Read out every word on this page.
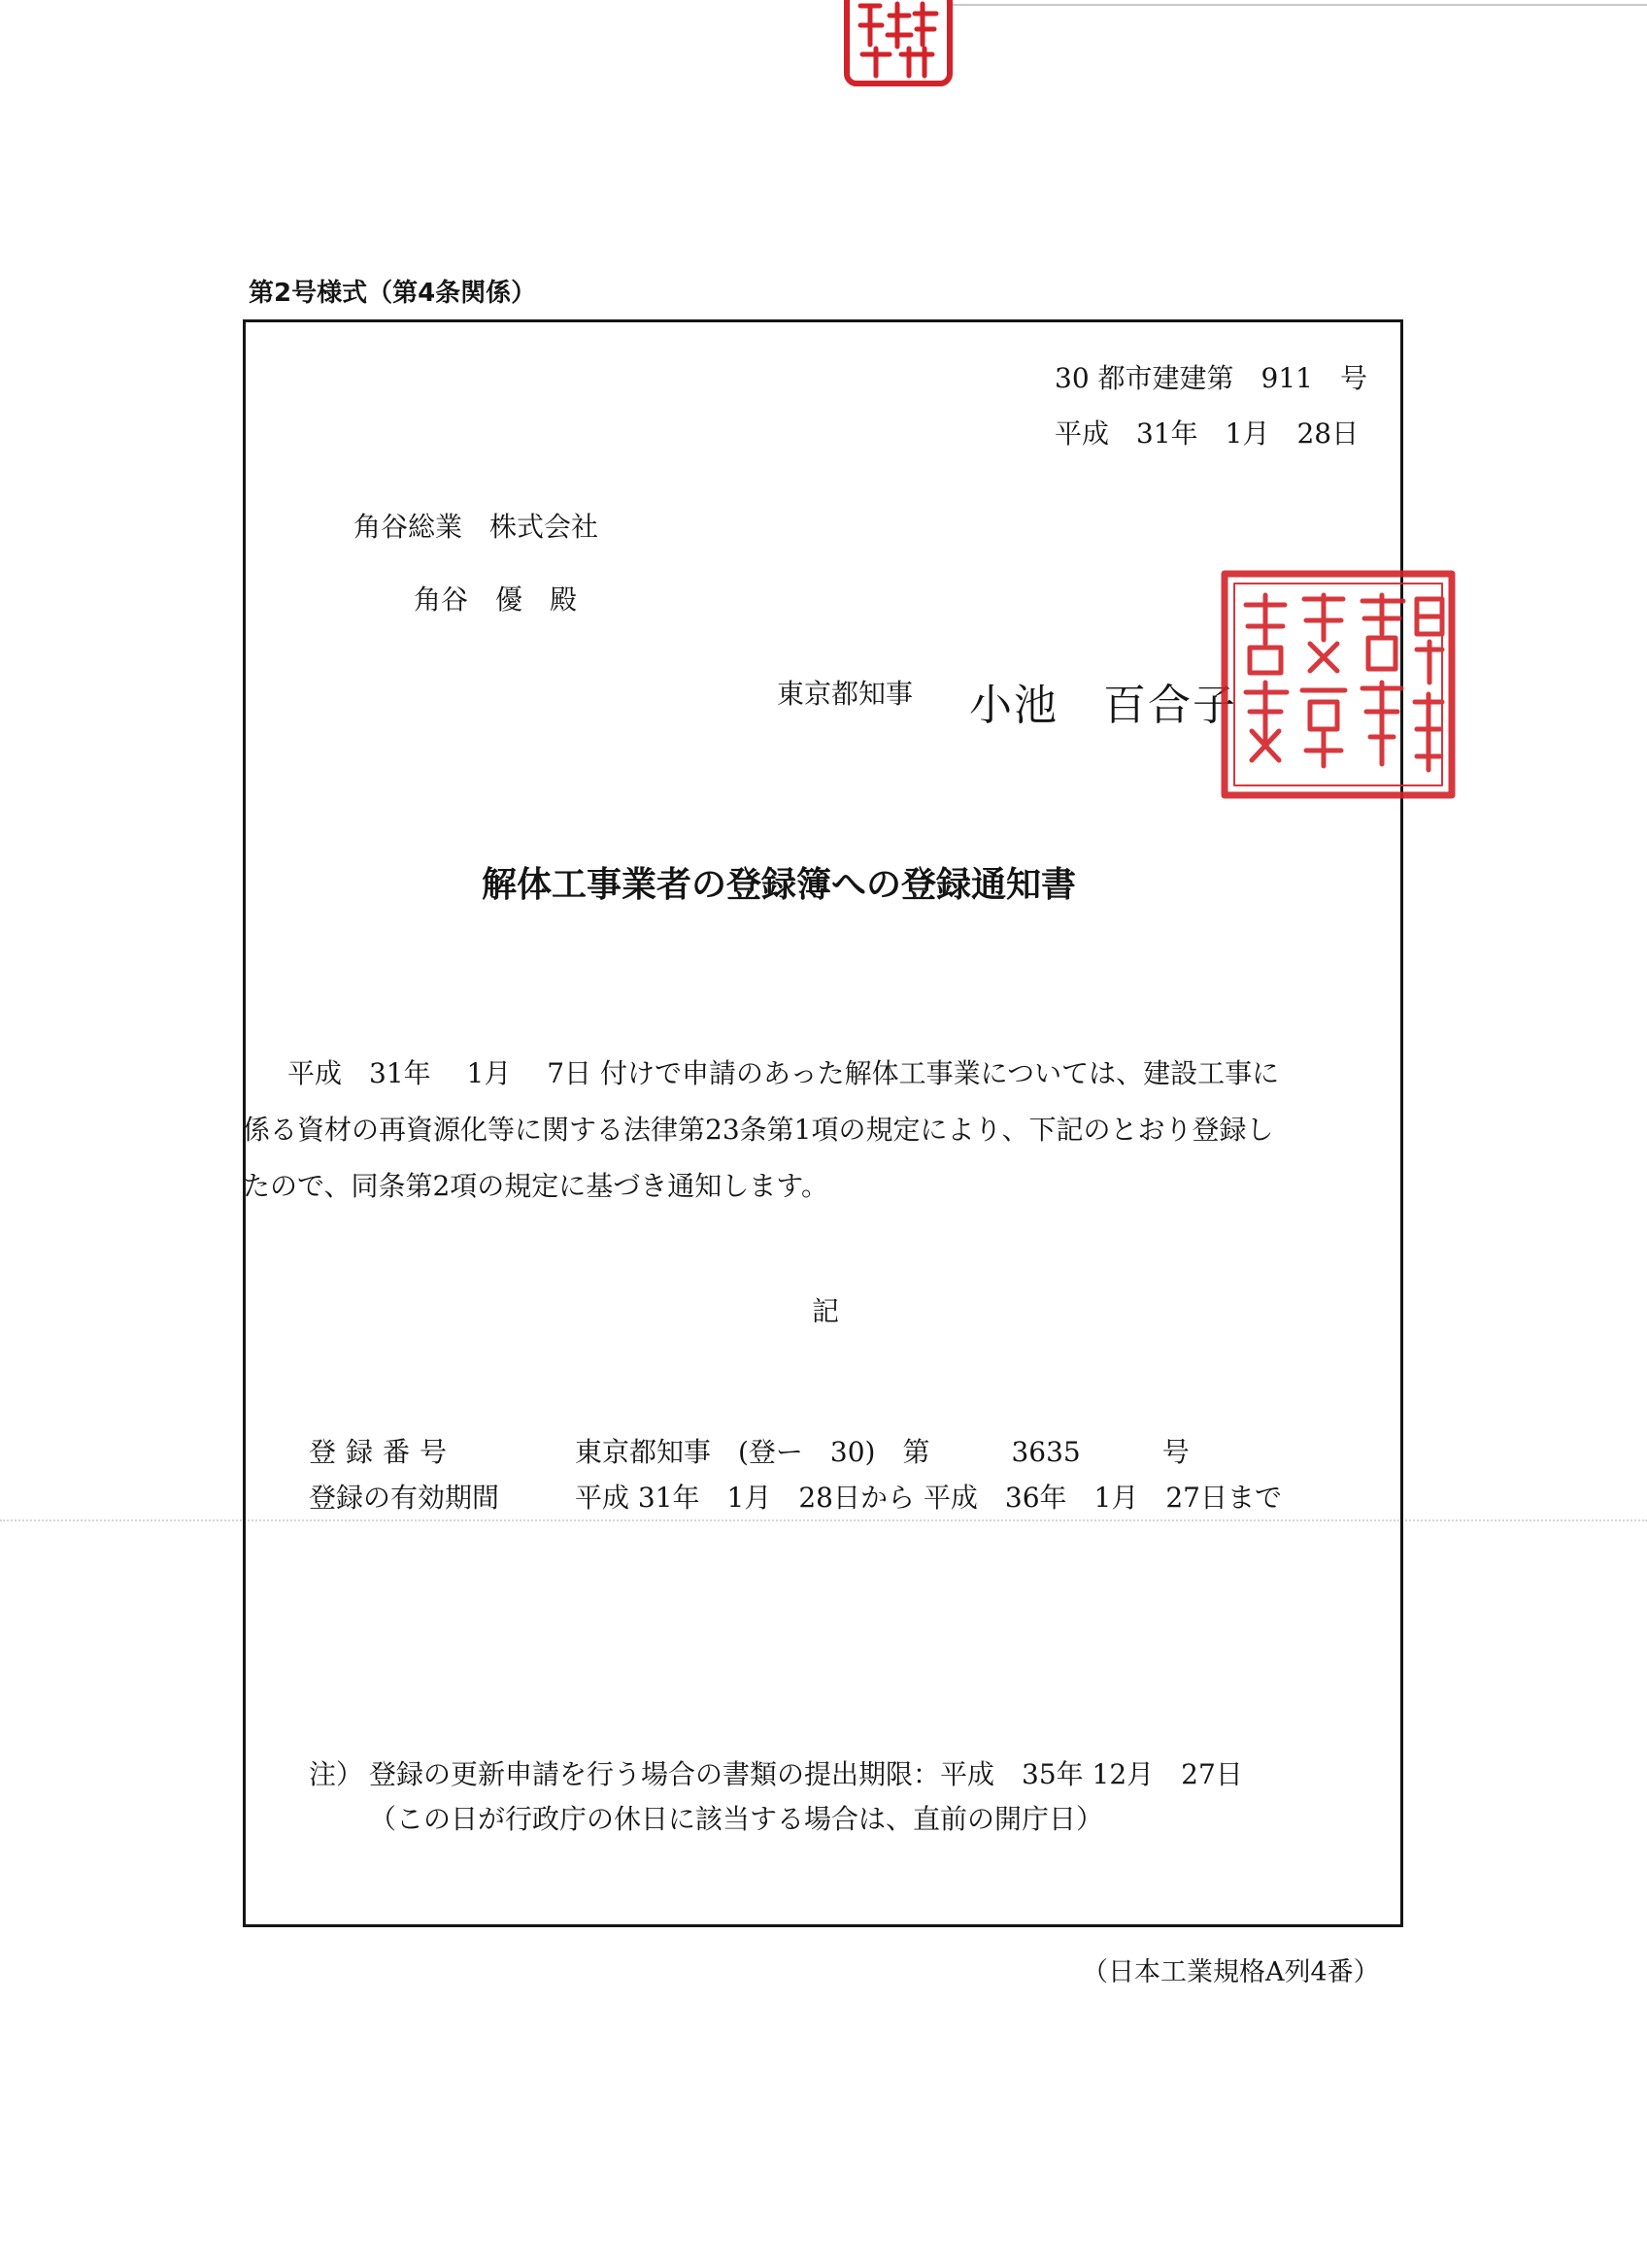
第2号様式（第4条関係）
30 都市建建第　911　号
平成　31年　1月　28日
角谷総業　株式会社
角谷　優　殿
東京都知事 小池　百合子
解体工事業者の登録簿への登録通知書

平成　31年　 1月　 7日 付けで申請のあった解体工事業については、建設工事に
係る資材の再資源化等に関する法律第23条第1項の規定により、下記のとおり登録し
たので、同条第2項の規定に基づき通知します。

記
登録番号	東京都知事　(登ー　30)　第　　　3635　　　号
登録の有効期間	平成 31年　1月　28日から 平成　36年　1月　27日まで
注） 登録の更新申請を行う場合の書類の提出期限：平成　35年 12月　27日
（この日が行政庁の休日に該当する場合は、直前の開庁日）
（日本工業規格A列4番）
